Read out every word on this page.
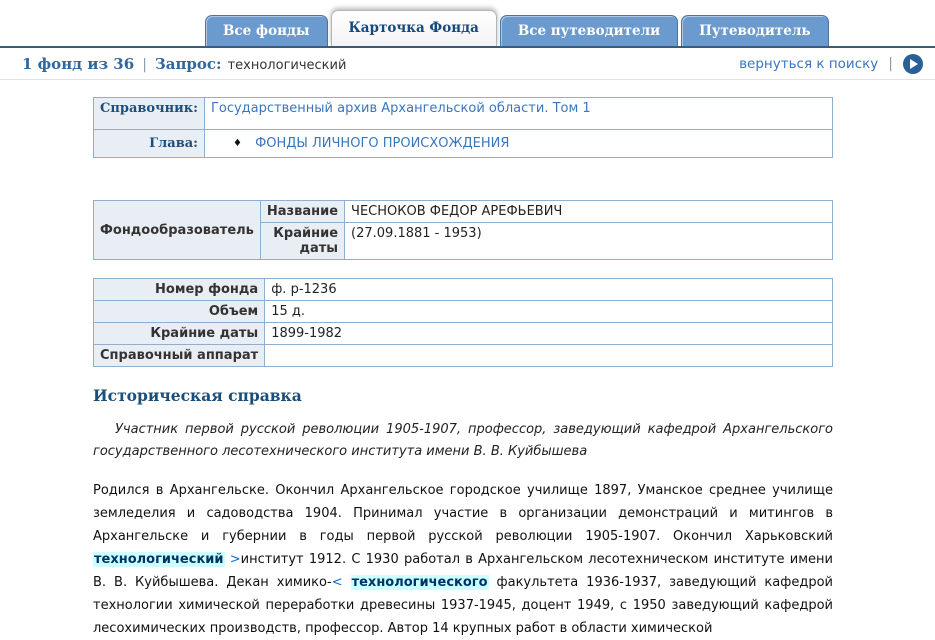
Все фонды	Карточка Фонда	Все путеводители	Путеводитель
1 фонд из 36 | Запрос: технологический	вернуться к поиску |
Справочник:	Государственный архив Архангельской области. Том 1
Глава:	♦ ФОНДЫ ЛИЧНОГО ПРОИСХОЖДЕНИЯ
Фондообразователь	Название	ЧЕСНОКОВ ФЕДОР АРЕФЬЕВИЧ
	Крайние даты	(27.09.1881 - 1953)
Номер фонда	ф. р-1236
Объем	15 д.
Крайние даты	1899-1982
Справочный аппарат	
Историческая справка

Участник первой русской революции 1905-1907, профессор, заведующий кафедрой Архангельского государственного лесотехнического института имени В. В. Куйбышева

Родился в Архангельске. Окончил Архангельское городское училище 1897, Уманское среднее училище земледелия и садоводства 1904. Принимал участие в организации демонстраций и митингов в Архангельске и губернии в годы первой русской революции 1905-1907. Окончил Харьковский технологический >институт 1912. С 1930 работал в Архангельском лесотехническом институте имени В. В. Куйбышева. Декан химико-< технологического факультета 1936-1937, заведующий кафедрой технологии химической переработки древесины 1937-1945, доцент 1949, с 1950 заведующий кафедрой лесохимических производств, профессор. Автор 14 крупных работ в области химической
